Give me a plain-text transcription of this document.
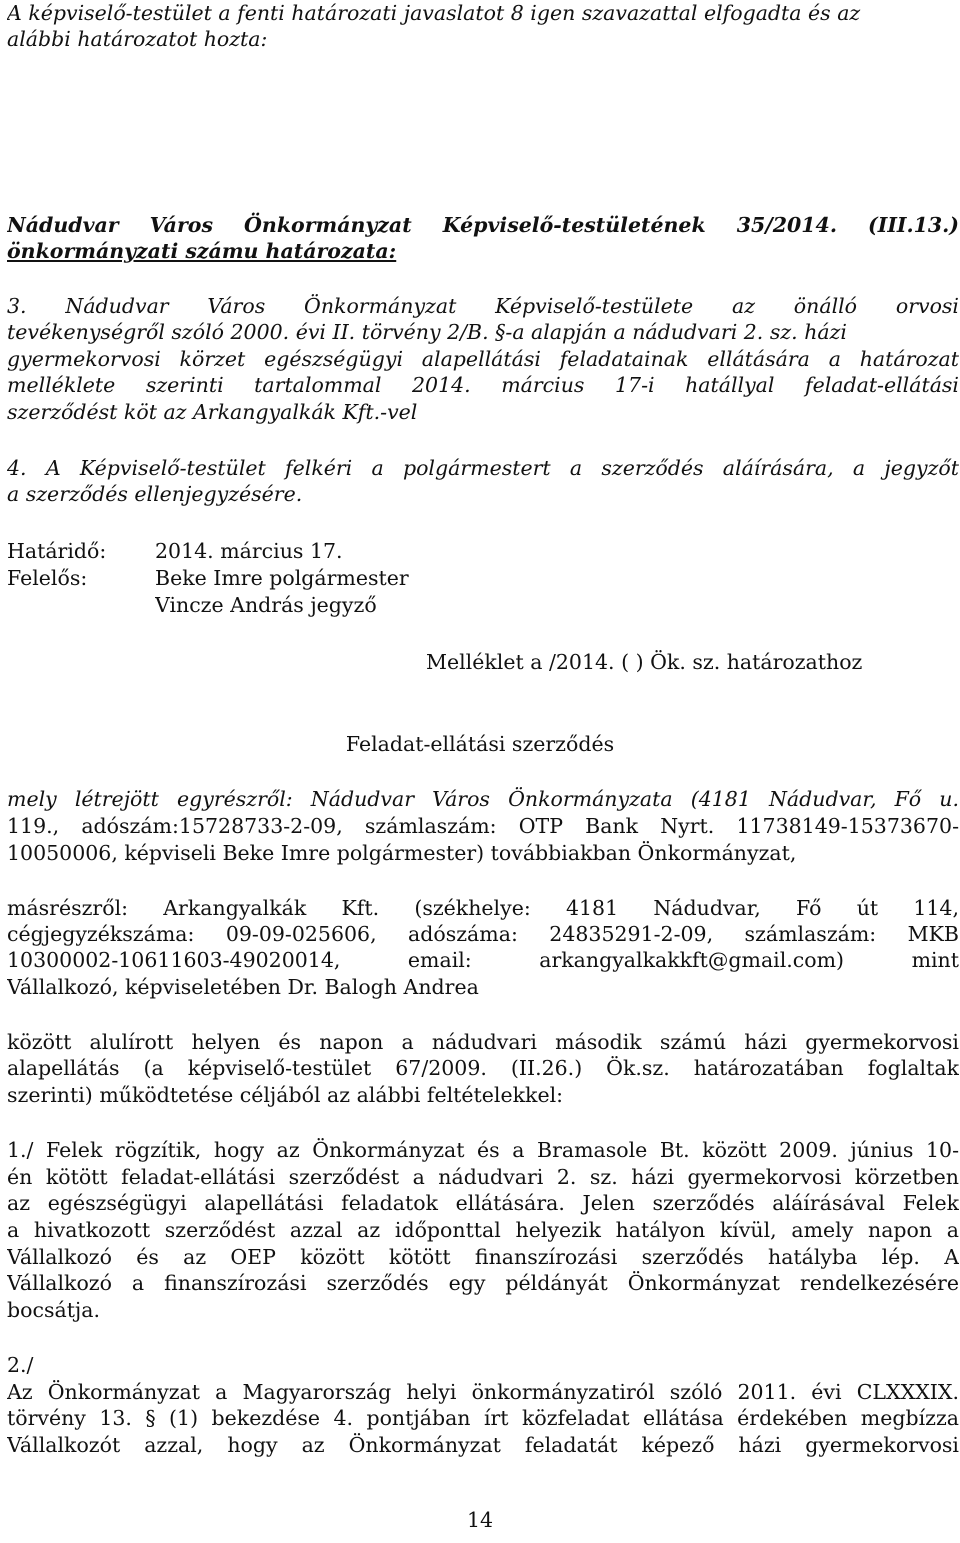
A képviselő-testület a fenti határozati javaslatot 8 igen szavazattal elfogadta és az
alábbi határozatot hozta:
Nádudvar Város Önkormányzat Képviselő-testületének 35/2014. (III.13.)
önkormányzati számu határozata:
3. Nádudvar Város Önkormányzat Képviselő-testülete az önálló orvosi
tevékenységről szóló 2000. évi II. törvény 2/B. §-a alapján a nádudvari 2. sz. házi
gyermekorvosi körzet egészségügyi alapellátási feladatainak ellátására a határozat
melléklete szerinti tartalommal 2014. március 17-i hatállyal feladat-ellátási
szerződést köt az Arkangyalkák Kft.-vel
4. A Képviselő-testület felkéri a polgármestert a szerződés aláírására, a jegyzőt
a szerződés ellenjegyzésére.
Határidő: 2014. március 17.
Felelős:	Beke Imre polgármester
Vincze András jegyző
Melléklet a /2014. ( ) Ök. sz. határozathoz
Feladat-ellátási szerződés
mely létrejött egyrészről: Nádudvar Város Önkormányzata (4181 Nádudvar, Fő u.
119., adószám:15728733-2-09, számlaszám: OTP Bank Nyrt. 11738149-15373670-
10050006, képviseli Beke Imre polgármester) továbbiakban Önkormányzat,
másrészről: Arkangyalkák Kft. (székhelye: 4181 Nádudvar, Fő út 114,
cégjegyzékszáma: 09-09-025606, adószáma: 24835291-2-09, számlaszám: MKB
10300002-10611603-49020014, email: arkangyalkakkft@gmail.com) mint
Vállalkozó, képviseletében Dr. Balogh Andrea
között alulírott helyen és napon a nádudvari második számú házi gyermekorvosi
alapellátás (a képviselő-testület 67/2009. (II.26.) Ök.sz. határozatában foglaltak
szerinti) működtetése céljából az alábbi feltételekkel:
1./ Felek rögzítik, hogy az Önkormányzat és a Bramasole Bt. között 2009. június 10-
én kötött feladat-ellátási szerződést a nádudvari 2. sz. házi gyermekorvosi körzetben
az egészségügyi alapellátási feladatok ellátására. Jelen szerződés aláírásával Felek
a hivatkozott szerződést azzal az időponttal helyezik hatályon kívül, amely napon a
Vállalkozó és az OEP között kötött finanszírozási szerződés hatályba lép. A
Vállalkozó a finanszírozási szerződés egy példányát Önkormányzat rendelkezésére
bocsátja.
2./
Az Önkormányzat a Magyarország helyi önkormányzatiról szóló 2011. évi CLXXXIX.
törvény 13. § (1) bekezdése 4. pontjában írt közfeladat ellátása érdekében megbízza
Vállalkozót azzal, hogy az Önkormányzat feladatát képező házi gyermekorvosi
14
